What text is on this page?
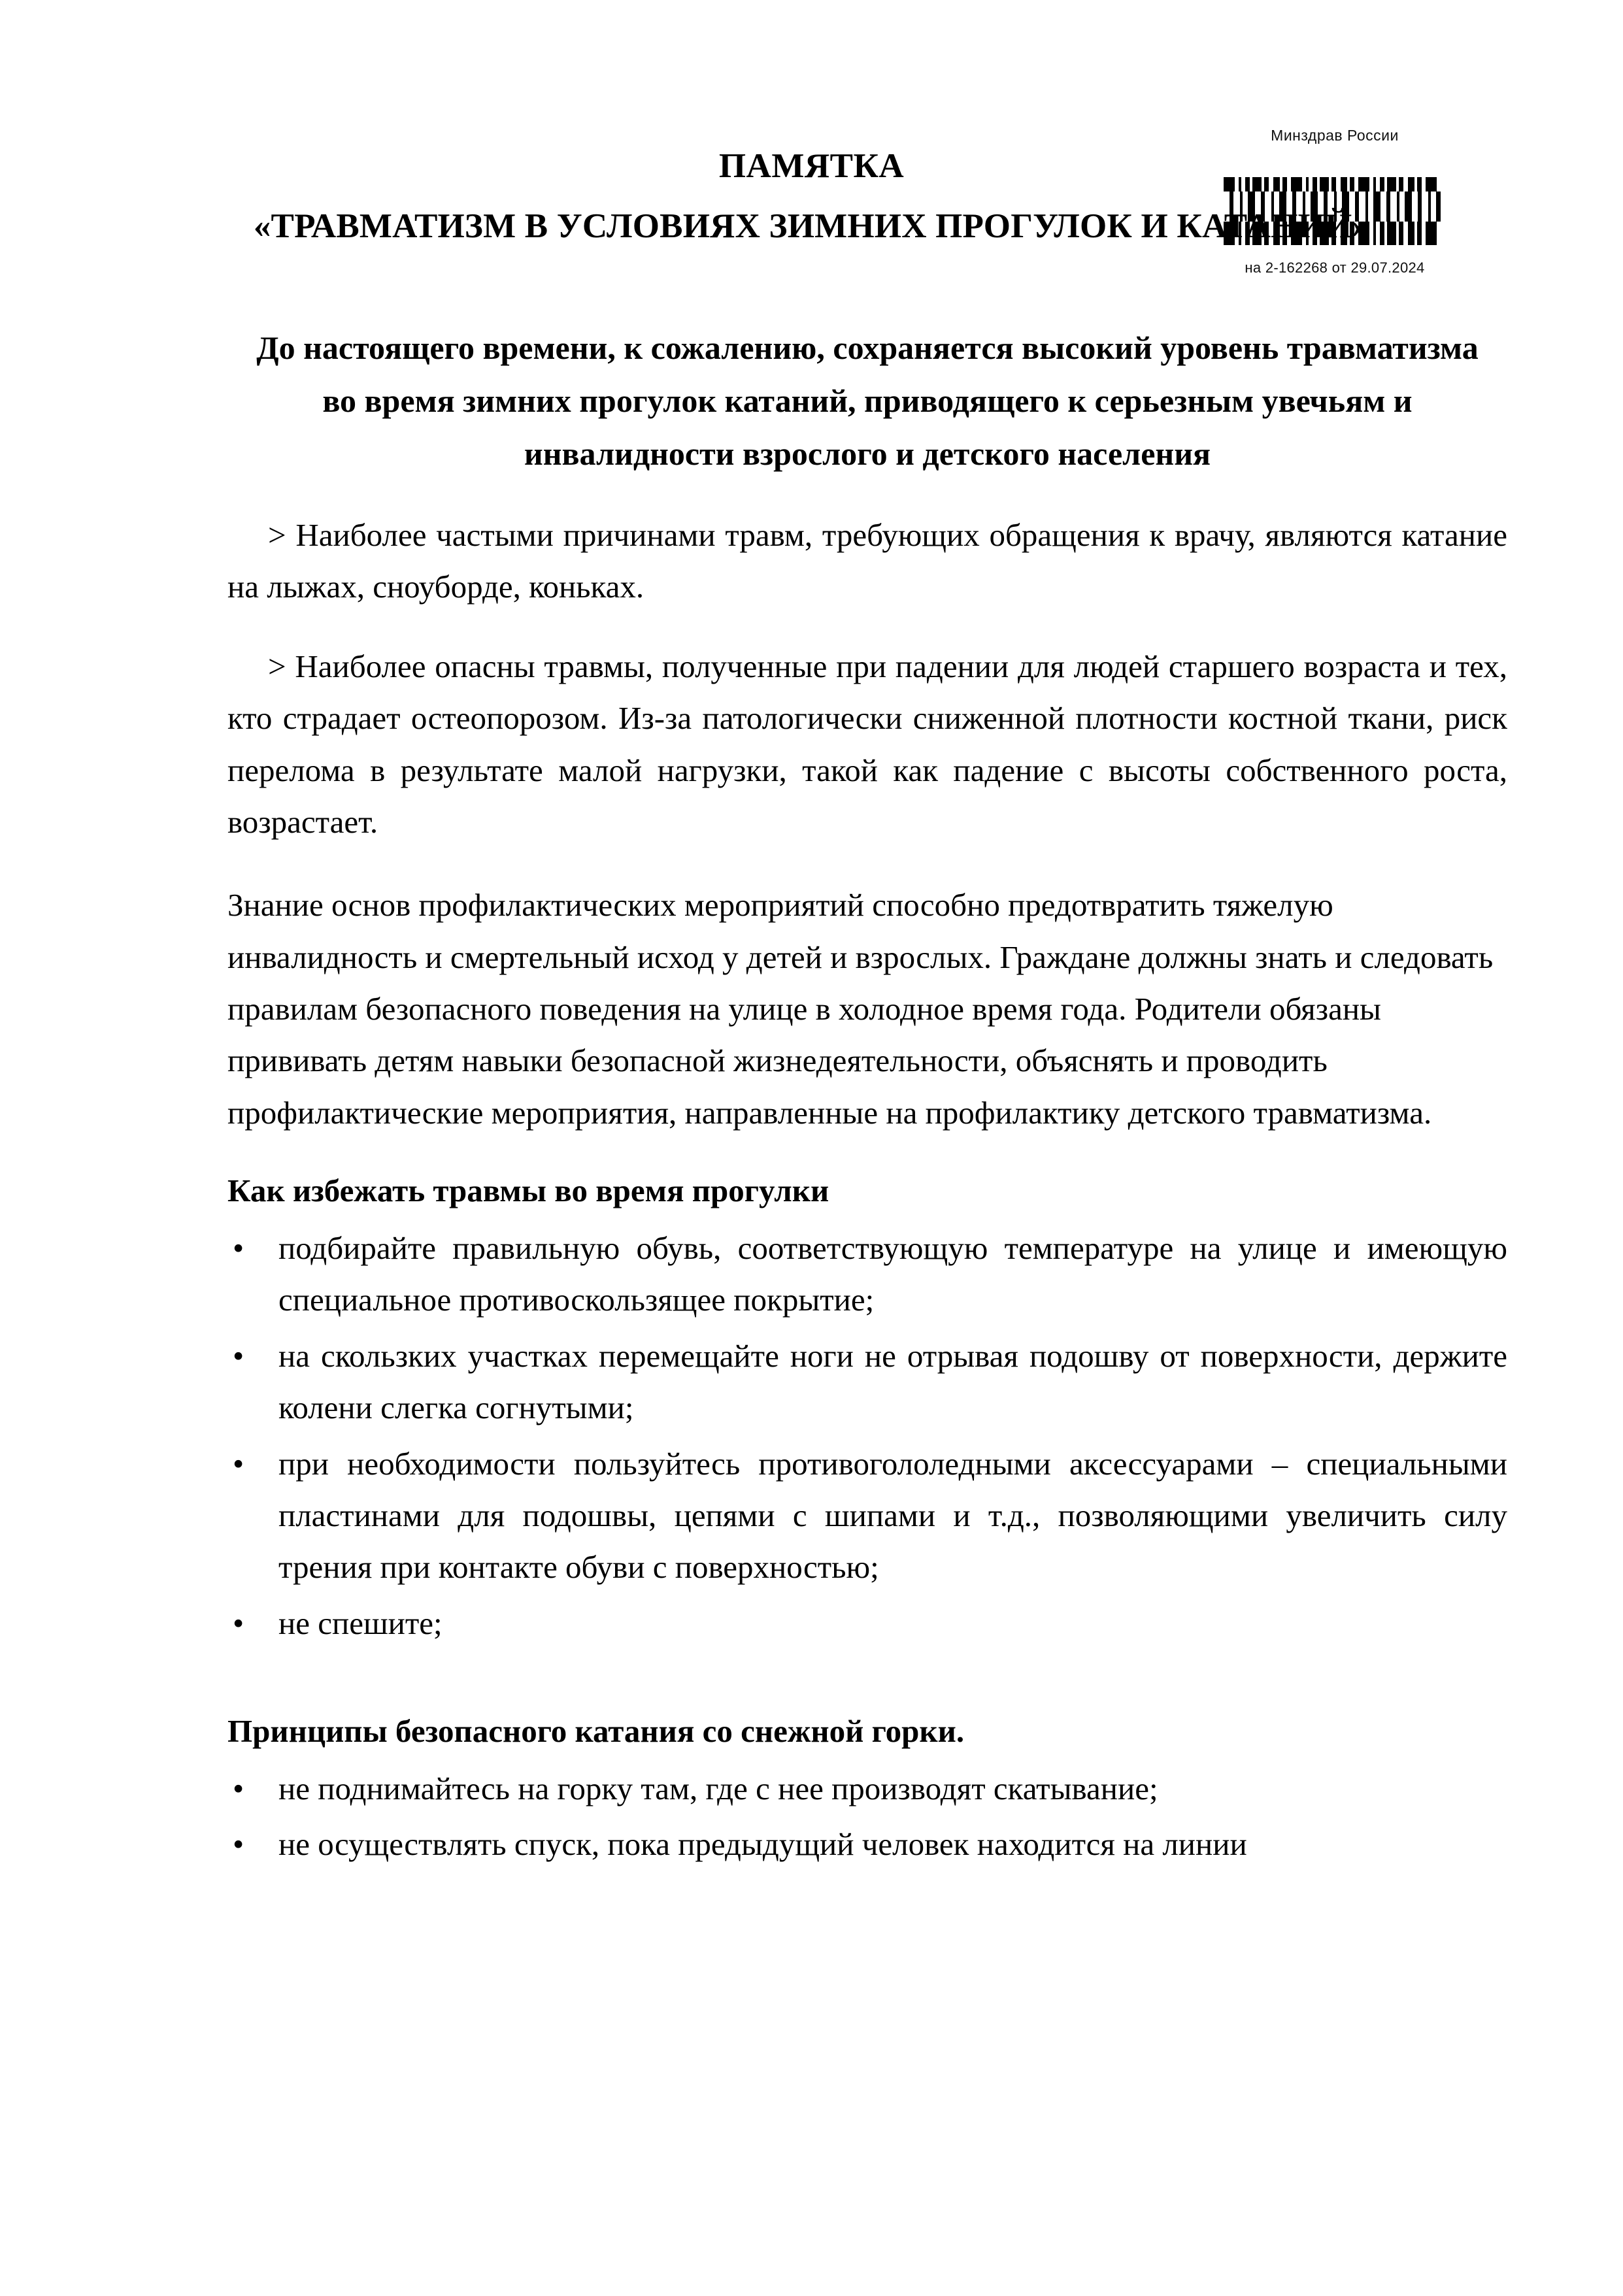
Минздрав России
на 2-162268 от 29.07.2024
ПАМЯТКА
«ТРАВМАТИЗМ В УСЛОВИЯХ ЗИМНИХ ПРОГУЛОК И КАТАНИЙ»

До настоящего времени, к сожалению, сохраняется высокий уровень травматизма во время зимних прогулок катаний, приводящего к серьезным увечьям и инвалидности взрослого и детского населения

> Наиболее частыми причинами травм, требующих обращения к врачу, являются катание на лыжах, сноуборде, коньках.

> Наиболее опасны травмы, полученные при падении для людей старшего возраста и тех, кто страдает остеопорозом. Из-за патологически сниженной плотности костной ткани, риск перелома в результате малой нагрузки, такой как падение с высоты собственного роста, возрастает.

Знание основ профилактических мероприятий способно предотвратить тяжелую инвалидность и смертельный исход у детей и взрослых. Граждане должны знать и следовать правилам безопасного поведения на улице в холодное время года. Родители обязаны прививать детям навыки безопасной жизнедеятельности, объяснять и проводить профилактические мероприятия, направленные на профилактику детского травматизма.

Как избежать травмы во время прогулки
• подбирайте правильную обувь, соответствующую температуре на улице и имеющую специальное противоскользящее покрытие;
• на скользких участках перемещайте ноги не отрывая подошву от поверхности, держите колени слегка согнутыми;
• при необходимости пользуйтесь противогололедными аксессуарами – специальными пластинами для подошвы, цепями с шипами и т.д., позволяющими увеличить силу трения при контакте обуви с поверхностью;
• не спешите;
Принципы безопасного катания со снежной горки.
• не поднимайтесь на горку там, где с нее производят скатывание;
• не осуществлять спуск, пока предыдущий человек находится на линии
